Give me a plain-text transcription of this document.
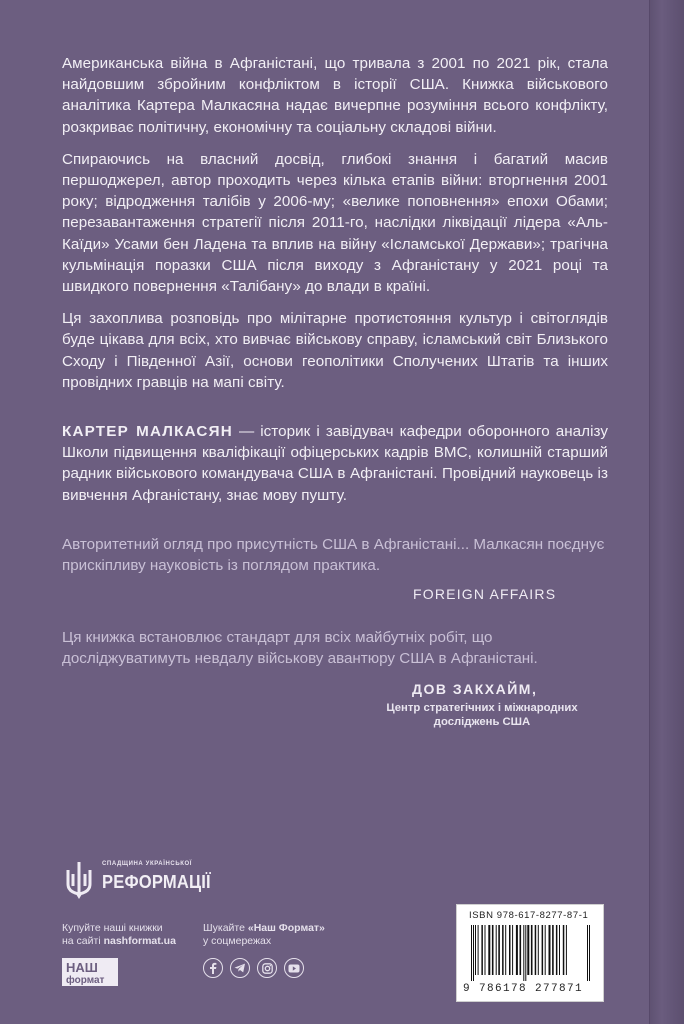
Американська війна в Афганістані, що тривала з 2001 по 2021 рік, стала найдовшим збройним конфліктом в історії США. Книжка військового аналітика Картера Малкасяна надає вичерпне розуміння всього конфлікту, розкриває політичну, економічну та соціальну складові війни.

Спираючись на власний досвід, глибокі знання і багатий масив першоджерел, автор проходить через кілька етапів війни: вторгнення 2001 року; відродження талібів у 2006-му; «велике поповнення» епохи Обами; перезавантаження стратегії після 2011-го, наслідки ліквідації лідера «Аль-Каїди» Усами бен Ладена та вплив на війну «Ісламської Держави»; трагічна кульмінація поразки США після виходу з Афганістану у 2021 році та швидкого повернення «Талібану» до влади в країні.

Ця захоплива розповідь про мілітарне протистояння культур і світоглядів буде цікава для всіх, хто вивчає військову справу, ісламський світ Близького Сходу і Південної Азії, основи геополітики Сполучених Штатів та інших провідних гравців на мапі світу.

КАРТЕР МАЛКАСЯН — історик і завідувач кафедри оборонного аналізу Школи підвищення кваліфікації офіцерських кадрів ВМС, колишній старший радник військового командувача США в Афганістані. Провідний науковець із вивчення Афганістану, знає мову пушту.

Авторитетний огляд про присутність США в Афганістані... Малкасян поєднує прискіпливу науковість із поглядом практика.

FOREIGN AFFAIRS

Ця книжка встановлює стандарт для всіх майбутніх робіт, що досліджуватимуть невдалу військову авантюру США в Афганістані.

ДОВ ЗАКХАЙМ,
Центр стратегічних і міжнародних досліджень США
СПАДЩИНА УКРАЇНСЬКОЇ
РЕФОРМАЦІЇ
Купуйте наші книжки
на сайті nashformat.ua
НАШ
формат
Шукайте «Наш Формат»
у соцмережах
ISBN 978-617-8277-87-1
9 786178 277871
